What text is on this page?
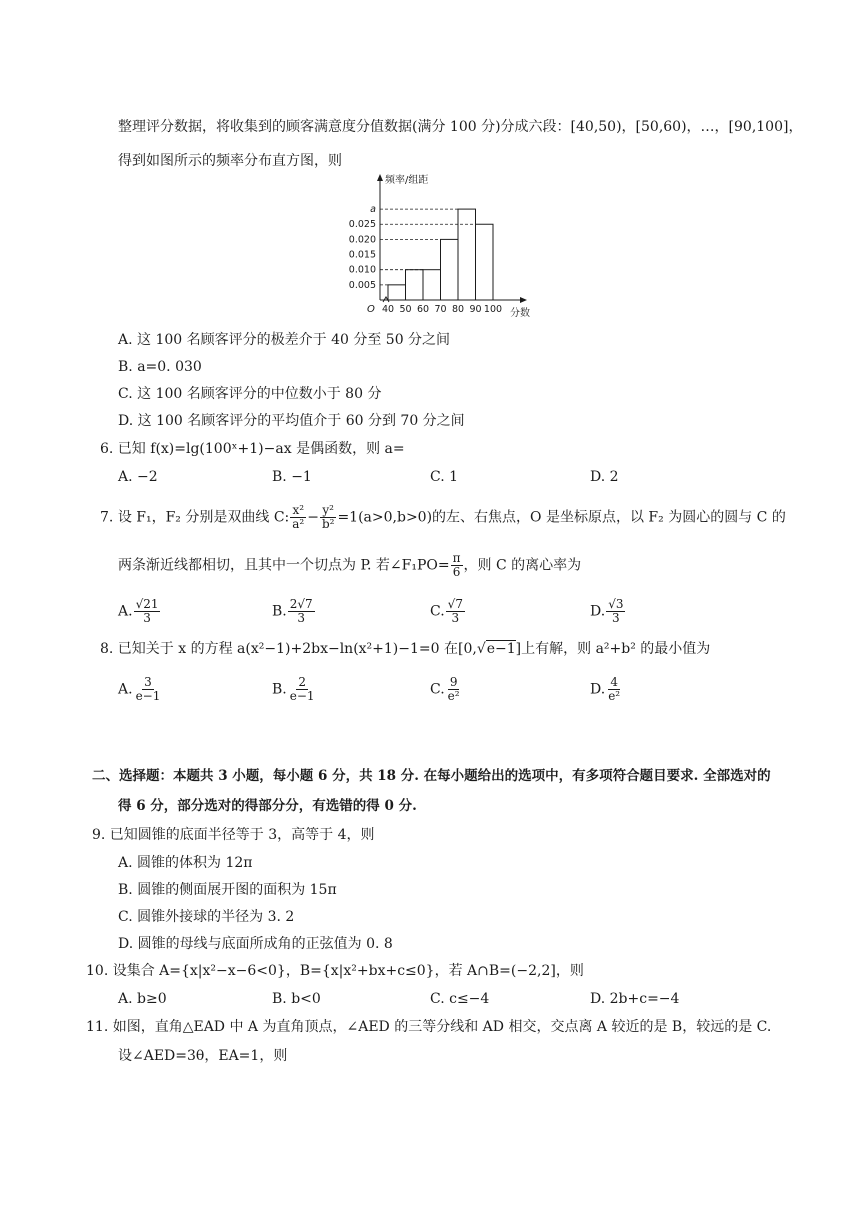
整理评分数据，将收集到的顾客满意度分值数据(满分 100 分)分成六段：[40,50)，[50,60)，…，[90,100]，
得到如图所示的频率分布直方图，则
频率/组距
O
0.005
0.010
0.015
0.020
0.025
a
40 50 60 70 80 90 100 分数
A. 这 100 名顾客评分的极差介于 40 分至 50 分之间
B. a=0. 030
C. 这 100 名顾客评分的中位数小于 80 分
D. 这 100 名顾客评分的平均值介于 60 分到 70 分之间
6. 已知 f(x)=lg(100ˣ+1)−ax 是偶函数，则 a=
A. −2	B. −1	C. 1	D. 2
7. 设 F₁，F₂ 分别是双曲线 C: $\frac{\text{x²}}{\text{a²}} - \frac{\text{y²}}{\text{b²}} =1(a>0,b>0)$的左、右焦点，O 是坐标原点，以 F₂ 为圆心的圆与 C 的
两条渐近线都相切，且其中一个切点为 P. 若∠F₁PO= $\frac{\pi}{6}$ ，则 C 的离心率为
A. $\frac{√21}{3}$	B. $\frac{2√7}{3}$	C. $\frac{√7}{3}$	D. $\frac{√3}{3}$
8. 已知关于 x 的方程 a(x²−1)+2bx−ln(x²+1)−1=0 在[0,√e−1]上有解，则 a²+b² 的最小值为
A. $\frac{3}{e-1}$	B. $\frac{2}{e-1}$	C. $\frac{9}{\text{e²}}$	D. $\frac{4}{\text{e²}}$
二、选择题：本题共 3 小题，每小题 6 分，共 18 分. 在每小题给出的选项中，有多项符合题目要求. 全部选对的
得 6 分，部分选对的得部分分，有选错的得 0 分.
9. 已知圆锥的底面半径等于 3，高等于 4，则
A. 圆锥的体积为 12π
B. 圆锥的侧面展开图的面积为 15π
C. 圆锥外接球的半径为 3. 2
D. 圆锥的母线与底面所成角的正弦值为 0. 8
10. 设集合 A={x|x²−x−6<0}，B={x|x²+bx+c≤0}，若 A∩B=(−2,2]，则
A. b≥0	B. b<0	C. c≤−4	D. 2b+c=−4
11. 如图，直角△EAD 中 A 为直角顶点，∠AED 的三等分线和 AD 相交，交点离 A 较近的是 B，较远的是 C.
设∠AED=3θ，EA=1，则
